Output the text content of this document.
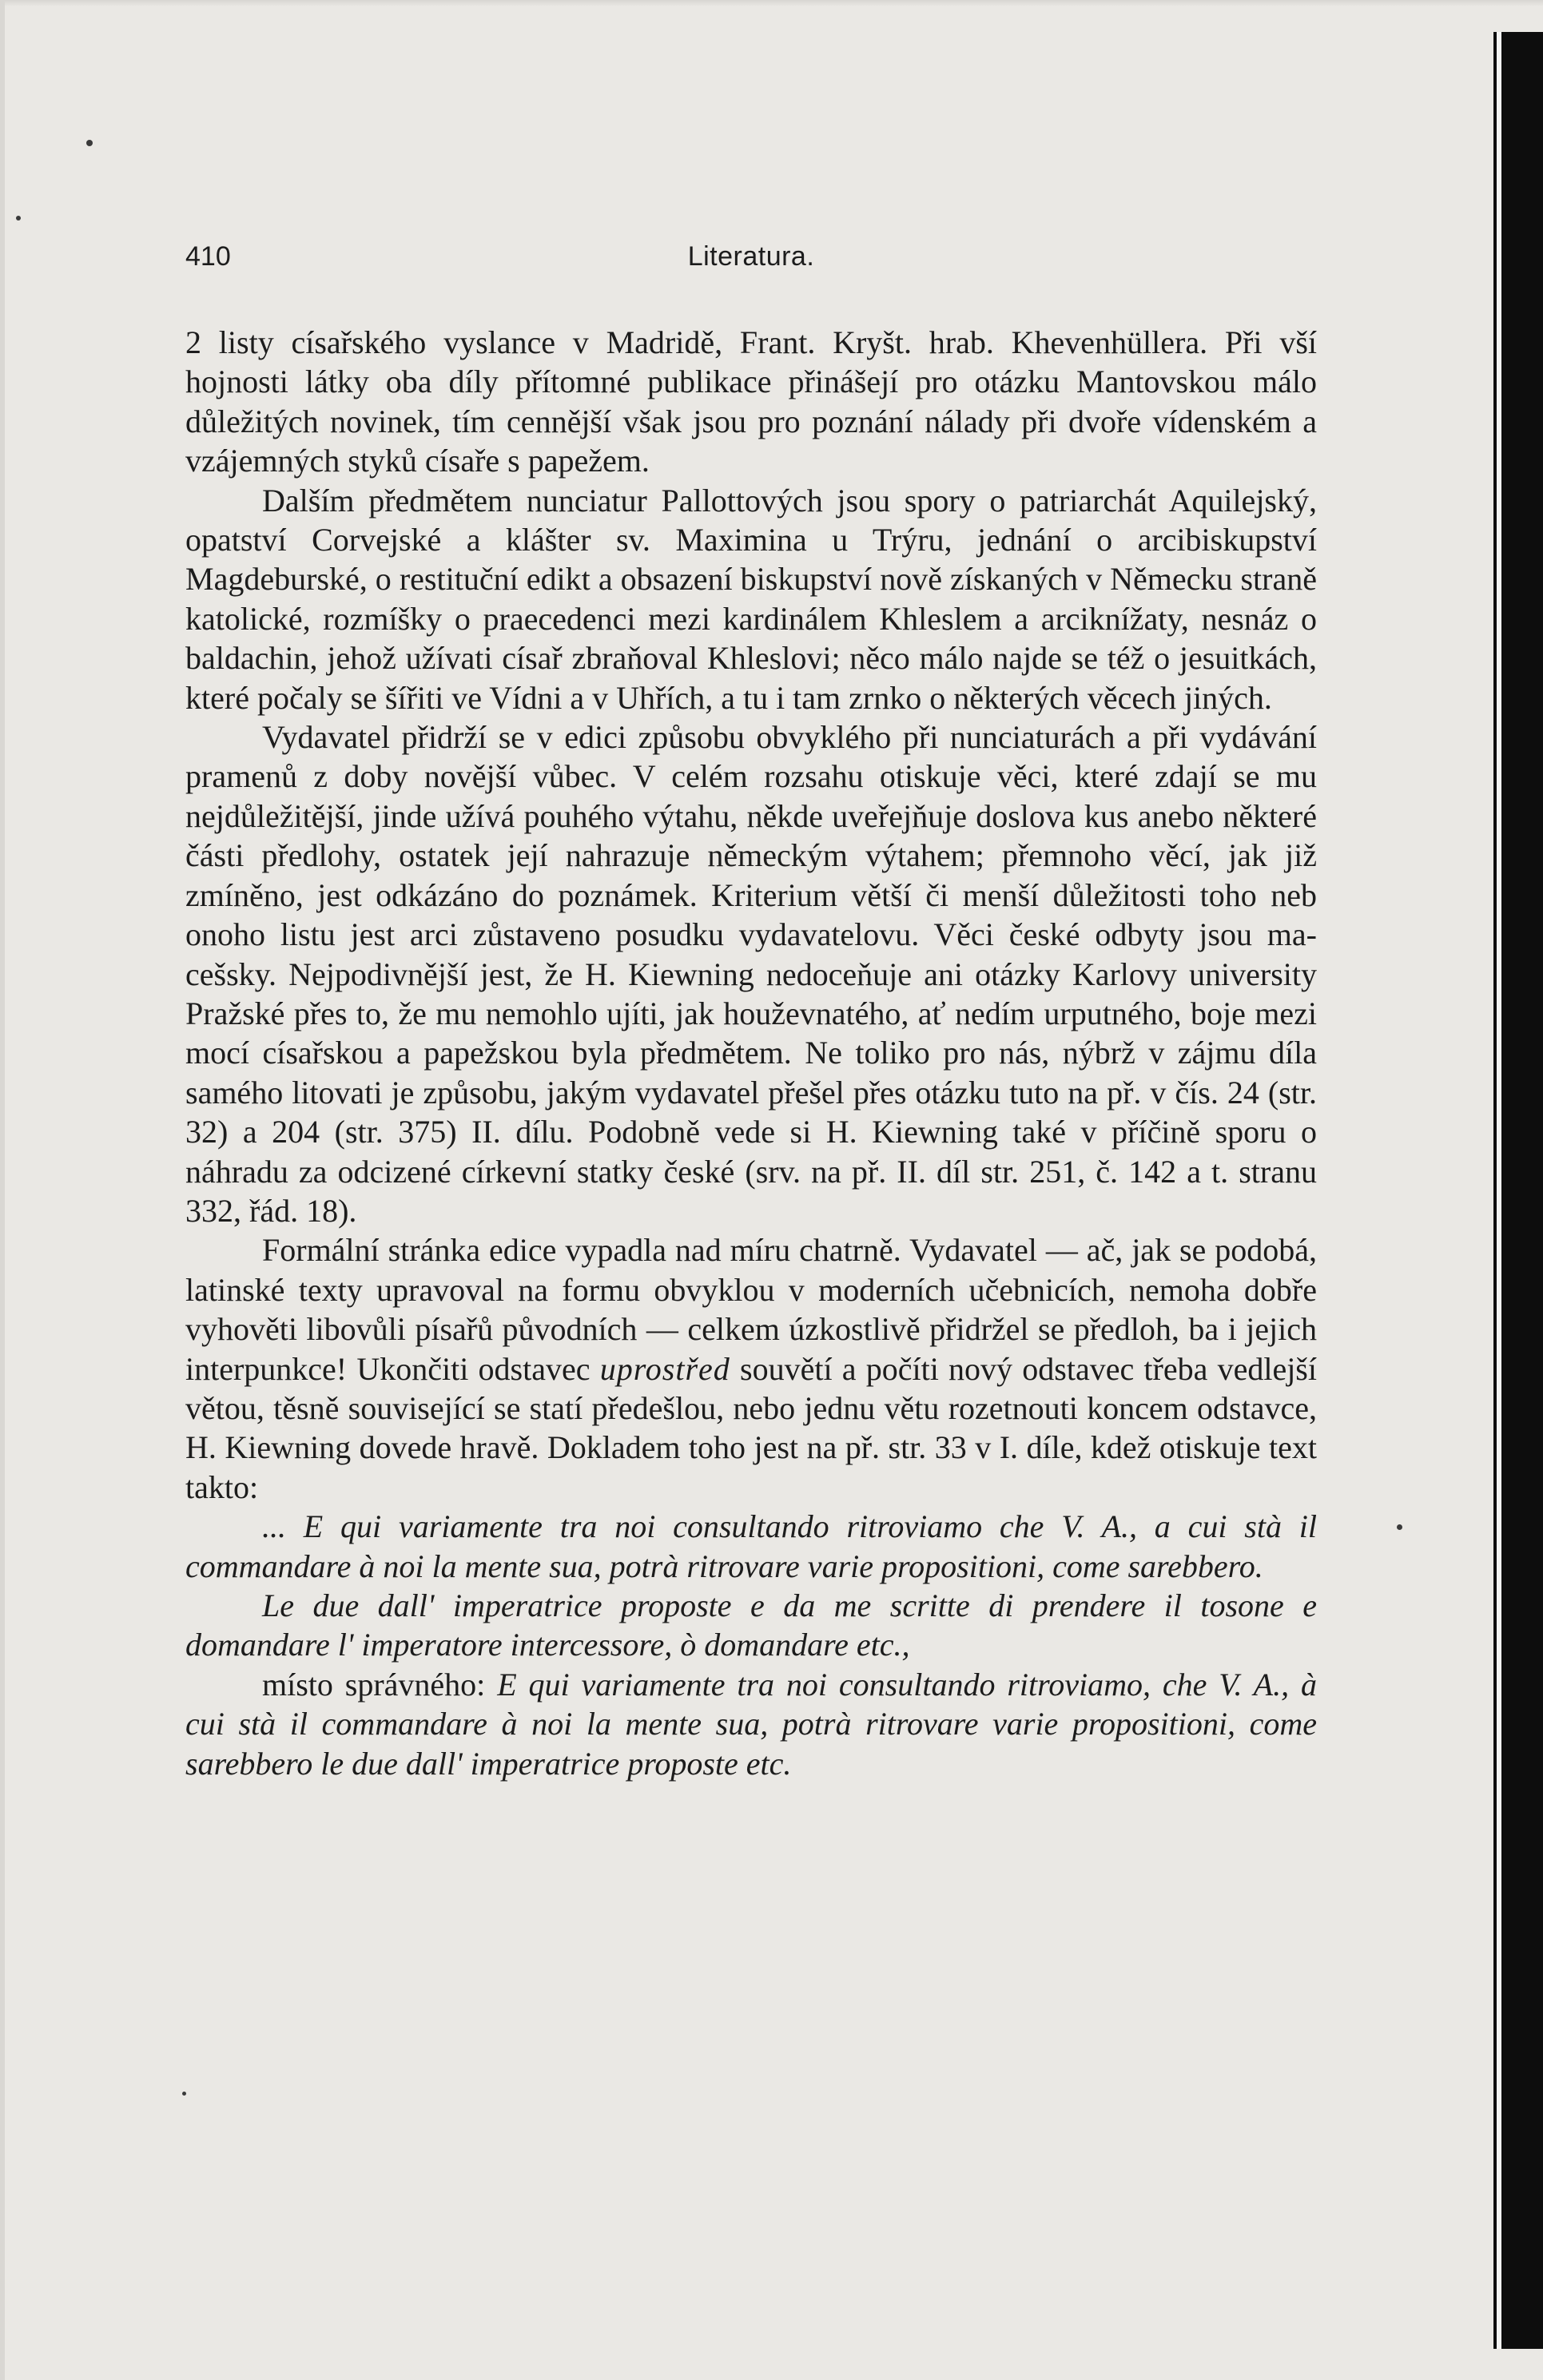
410	Literatura.

2 listy císařského vyslance v Madridě, Frant. Kryšt. hrab. Khevenhüllera. Při vší hojnosti látky oba díly přítomné publikace přinášejí pro otázku Mantovskou málo důležitých novinek, tím cennější však jsou pro poznání nálady při dvoře vídenském a vzájemných styků císaře s papežem.

Dalším předmětem nunciatur Pallottových jsou spory o patriarchát Aquilejský, opatství Corvejské a klášter sv. Maximina u Trýru, jednání o arcibiskupství Magdeburské, o restituční edikt a obsazení biskupství nově získaných v Německu straně katolické, rozmíšky o praecedenci mezi kardinálem Khleslem a arciknížaty, nesnáz o baldachin, jehož užívati císař zbraňoval Khleslovi; něco málo najde se též o jesuitkách, které počaly se šířiti ve Vídni a v Uhřích, a tu i tam zrnko o některých věcech jiných.

Vydavatel přidrží se v edici způsobu obvyklého při nunciaturách a při vydávání pramenů z doby novější vůbec. V celém rozsahu otiskuje věci, které zdají se mu nejdůležitější, jinde užívá pouhého výtahu, někde uveřejňuje doslova kus anebo některé části předlohy, ostatek její nahrazuje německým výtahem; přemnoho věcí, jak již zmíněno, jest odkázáno do poznámek. Kriterium větší či menší důležitosti toho neb onoho listu jest arci zůstaveno posudku vydavatelovu. Věci české odbyty jsou macešsky. Nejpodivnější jest, že H. Kiewning nedoceňuje ani otázky Karlovy university Pražské přes to, že mu nemohlo ujíti, jak houževnatého, ať nedím urputného, boje mezi mocí císařskou a papežskou byla předmětem. Ne toliko pro nás, nýbrž v zájmu díla samého litovati je způsobu, jakým vydavatel přešel přes otázku tuto na př. v čís. 24 (str. 32) a 204 (str. 375) II. dílu. Podobně vede si H. Kiewning také v příčině sporu o náhradu za odcizené církevní statky české (srv. na př. II. díl str. 251, č. 142 a t. stranu 332, řád. 18).

Formální stránka edice vypadla nad míru chatrně. Vydavatel — ač, jak se podobá, latinské texty upravoval na formu obvyklou v moderních učebnicích, nemoha dobře vyhověti libovůli písařů původních — celkem úzkostlivě přidržel se předloh, ba i jejich interpunkce! Ukončiti odstavec uprostřed souvětí a počíti nový odstavec třeba vedlejší větou, těsně související se statí předešlou, nebo jednu větu rozetnouti koncem odstavce, H. Kiewning dovede hravě. Dokladem toho jest na př. str. 33 v I. díle, kdež otiskuje text takto:

... E qui variamente tra noi consultando ritroviamo che V. A., a cui stà il commandare à noi la mente sua, potrà ritrovare varie propositioni, come sarebbero.

Le due dall' imperatrice proposte e da me scritte di prendere il tosone e domandare l' imperatore intercessore, ò domandare etc.,

místo správného: E qui variamente tra noi consultando ritroviamo, che V. A., à cui stà il commandare à noi la mente sua, potrà ritrovare varie propositioni, come sarebbero le due dall' imperatrice proposte etc.
